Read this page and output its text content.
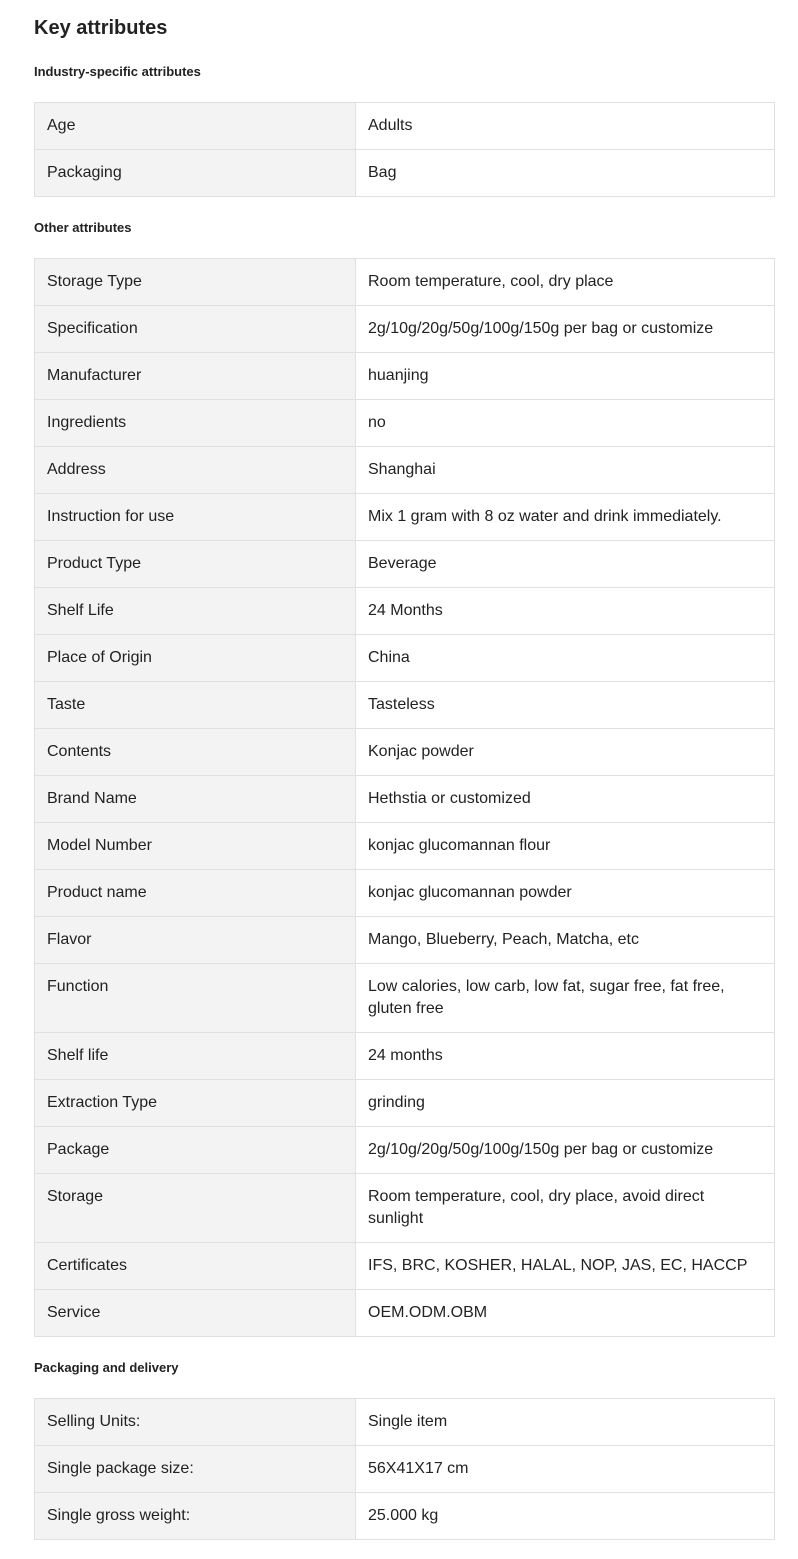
Key attributes
Industry-specific attributes
Age	Adults
Packaging	Bag
Other attributes
Storage Type	Room temperature, cool, dry place
Specification	2g/10g/20g/50g/100g/150g per bag or customize
Manufacturer	huanjing
Ingredients	no
Address	Shanghai
Instruction for use	Mix 1 gram with 8 oz water and drink immediately.
Product Type	Beverage
Shelf Life	24 Months
Place of Origin	China
Taste	Tasteless
Contents	Konjac powder
Brand Name	Hethstia or customized
Model Number	konjac glucomannan flour
Product name	konjac glucomannan powder
Flavor	Mango, Blueberry, Peach, Matcha, etc
Function	Low calories, low carb, low fat, sugar free, fat free, gluten free
Shelf life	24 months
Extraction Type	grinding
Package	2g/10g/20g/50g/100g/150g per bag or customize
Storage	Room temperature, cool, dry place, avoid direct sunlight
Certificates	IFS, BRC, KOSHER, HALAL, NOP, JAS, EC, HACCP
Service	OEM.ODM.OBM
Packaging and delivery
Selling Units:	Single item
Single package size:	56X41X17 cm
Single gross weight:	25.000 kg
